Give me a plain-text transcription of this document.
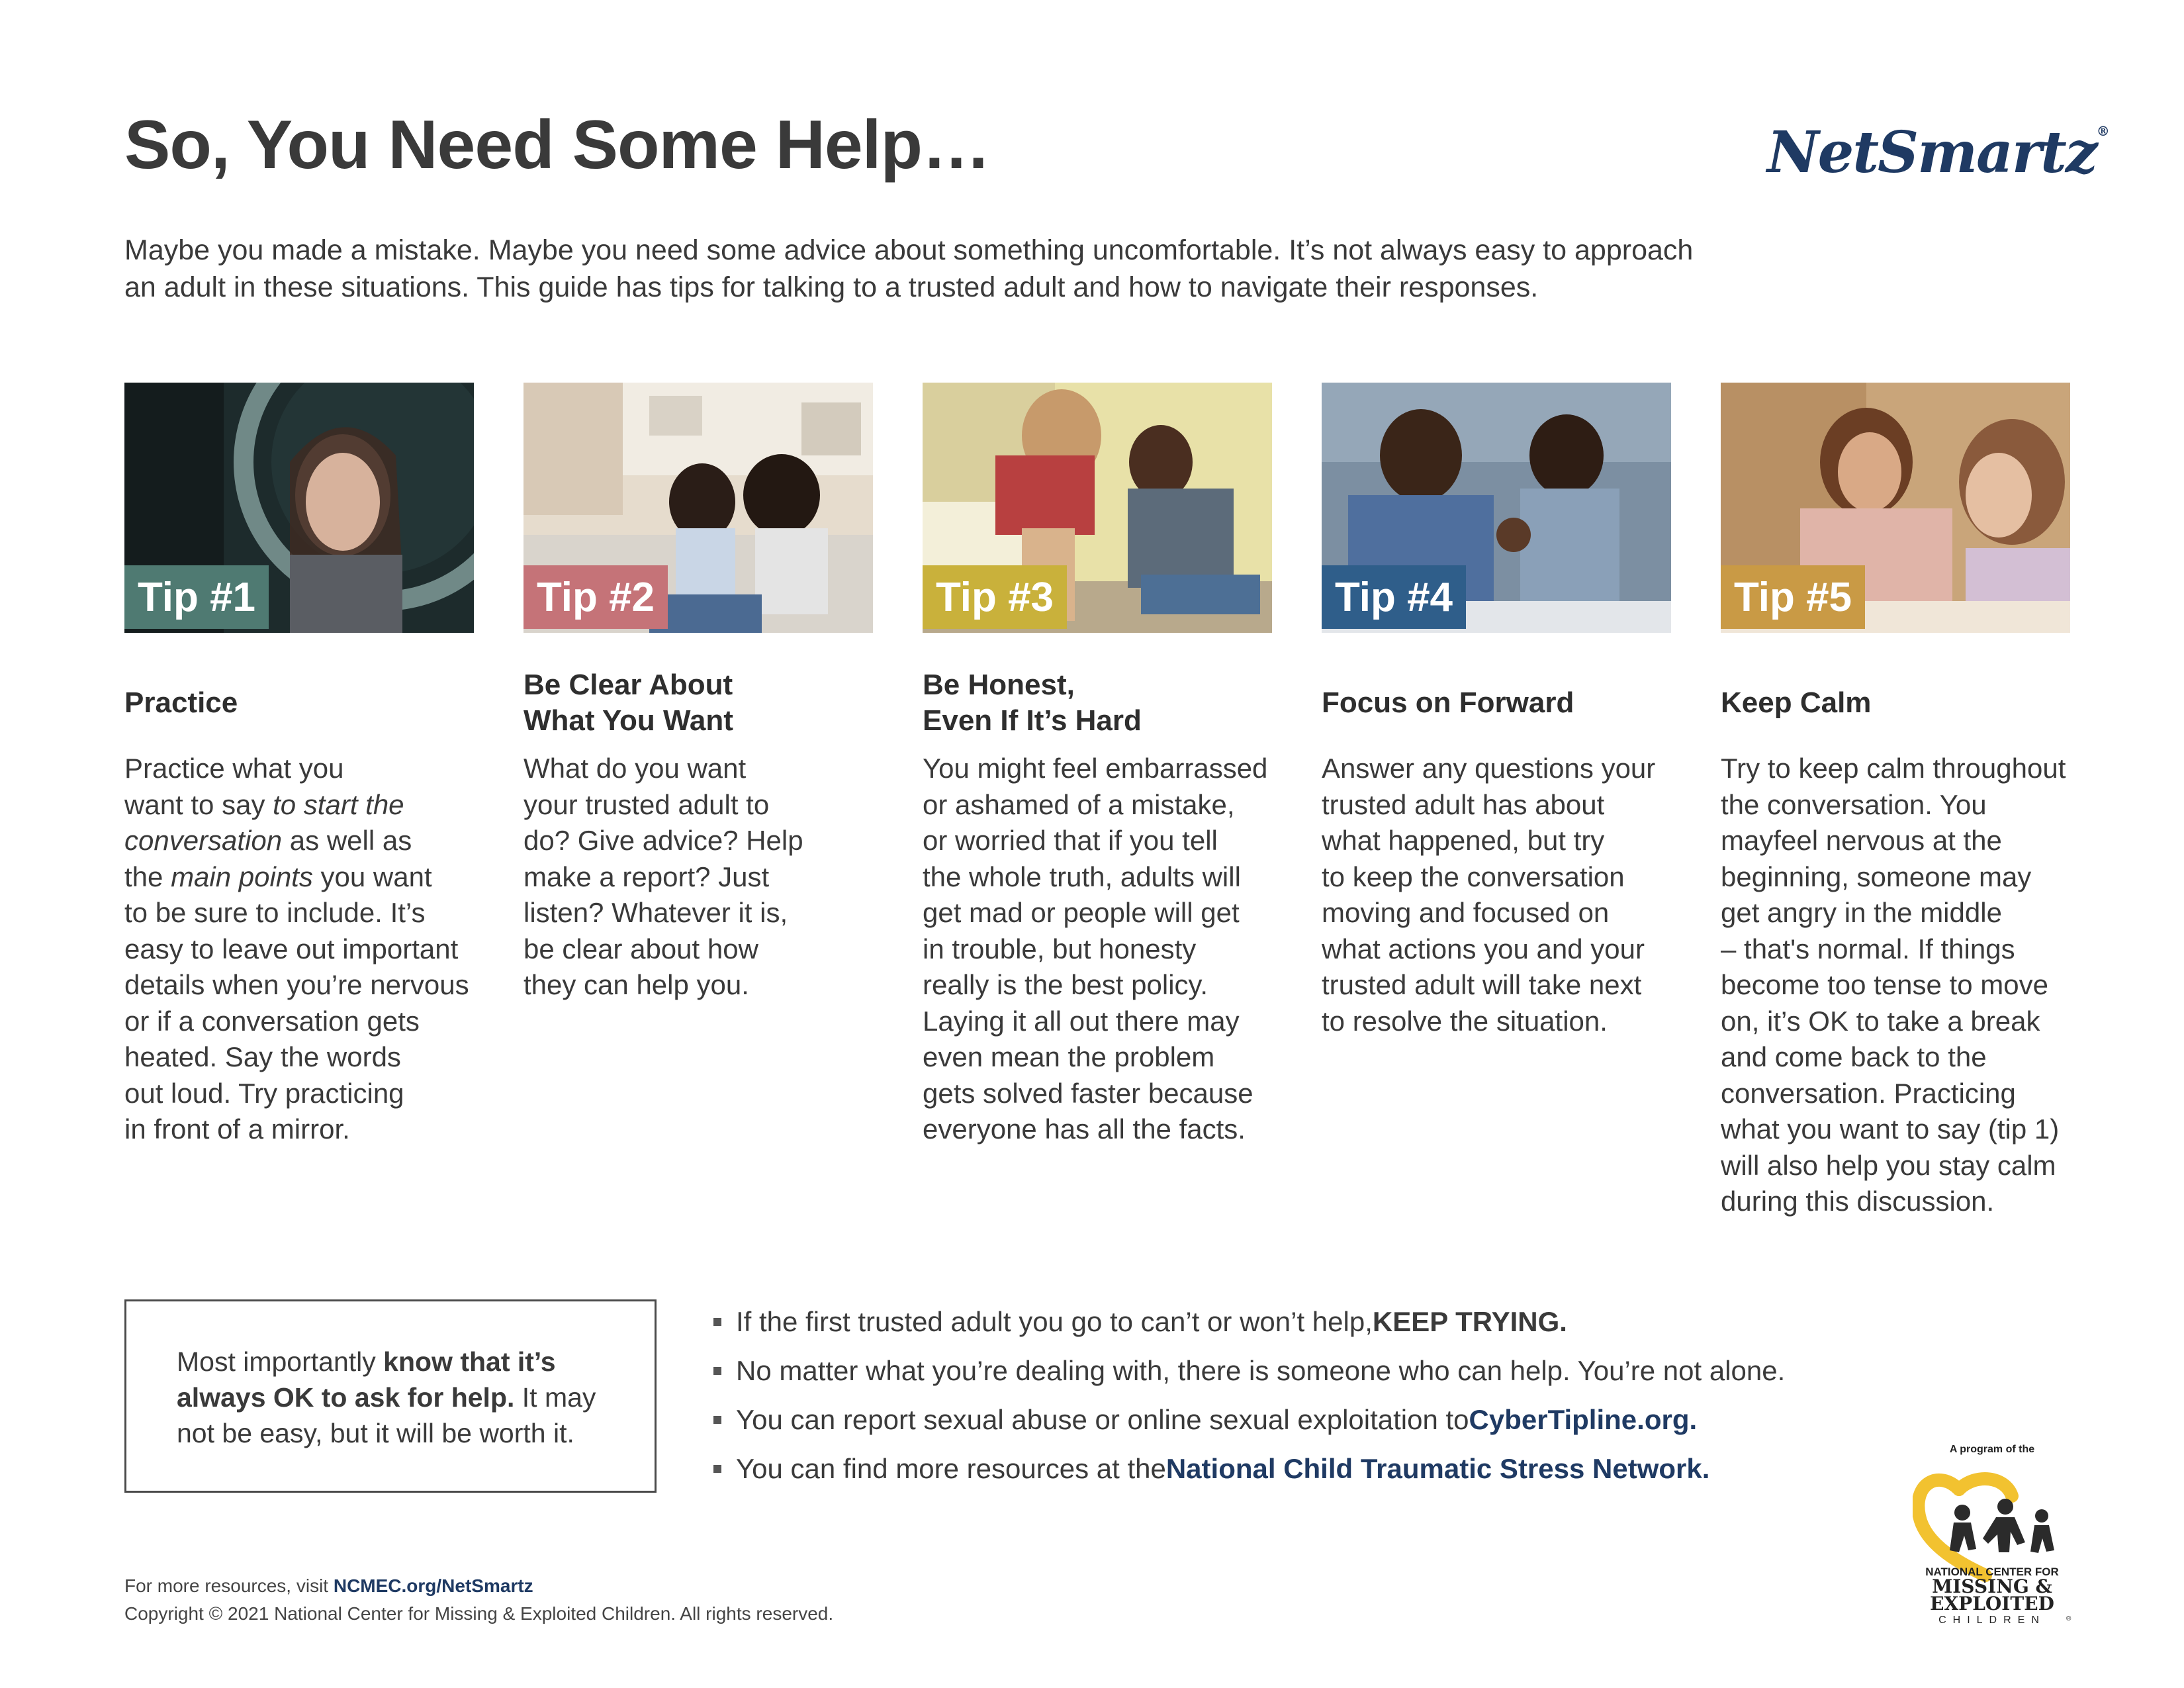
So, You Need Some Help…	NetSmartz®
Maybe you made a mistake. Maybe you need some advice about something uncomfortable. It’s not always easy to approach an adult in these situations. This guide has tips for talking to a trusted adult and how to navigate their responses.
Tip #1
Practice
Practice what you
want to say to start the
conversation as well as
the main points you want
to be sure to include. It’s
easy to leave out important
details when you’re nervous
or if a conversation gets
heated. Say the words
out loud. Try practicing
in front of a mirror.
Tip #2
Be Clear About
What You Want
What do you want
your trusted adult to
do? Give advice? Help
make a report? Just
listen? Whatever it is,
be clear about how
they can help you.
Tip #3
Be Honest,
Even If It’s Hard
You might feel embarrassed
or ashamed of a mistake,
or worried that if you tell
the whole truth, adults will
get mad or people will get
in trouble, but honesty
really is the best policy.
Laying it all out there may
even mean the problem
gets solved faster because
everyone has all the facts.
Tip #4
Focus on Forward
Answer any questions your
trusted adult has about
what happened, but try
to keep the conversation
moving and focused on
what actions you and your
trusted adult will take next
to resolve the situation.
Tip #5
Keep Calm
Try to keep calm throughout
the conversation. You
mayfeel nervous at the
beginning, someone may
get angry in the middle
– that's normal. If things
become too tense to move
on, it’s OK to take a break
and come back to the
conversation. Practicing
what you want to say (tip 1)
will also help you stay calm
during this discussion.
Most importantly know that it’s always OK to ask for help. It may not be easy, but it will be worth it.
If the first trusted adult you go to can’t or won’t help, KEEP TRYING.
No matter what you’re dealing with, there is someone who can help. You’re not alone.
You can report sexual abuse or online sexual exploitation to CyberTipline.org.
You can find more resources at the National Child Traumatic Stress Network.
A program of the
NATIONAL CENTER FOR
MISSING &
EXPLOITED
CHILDREN	®
For more resources, visit NCMEC.org/NetSmartz
Copyright © 2021 National Center for Missing & Exploited Children. All rights reserved.
